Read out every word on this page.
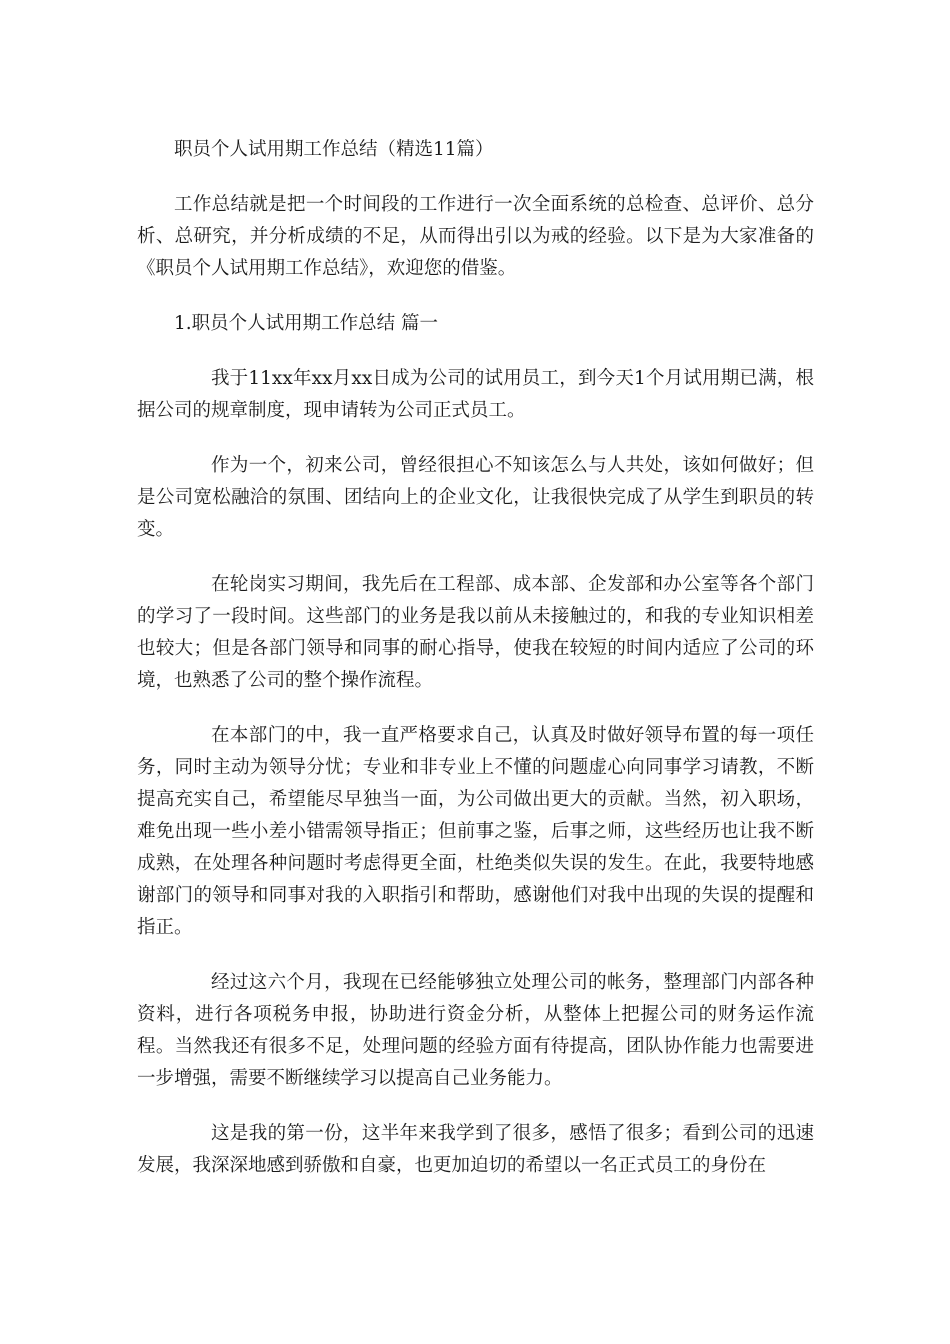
职员个人试用期工作总结（精选11篇）

工作总结就是把一个时间段的工作进行一次全面系统的总检查、总评价、总分析、总研究，并分析成绩的不足，从而得出引以为戒的经验。以下是为大家准备的《职员个人试用期工作总结》，欢迎您的借鉴。

1.职员个人试用期工作总结 篇一

我于11xx年xx月xx日成为公司的试用员工，到今天1个月试用期已满，根据公司的规章制度，现申请转为公司正式员工。

作为一个，初来公司，曾经很担心不知该怎么与人共处，该如何做好；但是公司宽松融洽的氛围、团结向上的企业文化，让我很快完成了从学生到职员的转变。

在轮岗实习期间，我先后在工程部、成本部、企发部和办公室等各个部门的学习了一段时间。这些部门的业务是我以前从未接触过的，和我的专业知识相差也较大；但是各部门领导和同事的耐心指导，使我在较短的时间内适应了公司的环境，也熟悉了公司的整个操作流程。

在本部门的中，我一直严格要求自己，认真及时做好领导布置的每一项任务，同时主动为领导分忧；专业和非专业上不懂的问题虚心向同事学习请教，不断提高充实自己，希望能尽早独当一面，为公司做出更大的贡献。当然，初入职场，难免出现一些小差小错需领导指正；但前事之鉴，后事之师，这些经历也让我不断成熟，在处理各种问题时考虑得更全面，杜绝类似失误的发生。在此，我要特地感谢部门的领导和同事对我的入职指引和帮助，感谢他们对我中出现的失误的提醒和指正。

经过这六个月，我现在已经能够独立处理公司的帐务，整理部门内部各种资料，进行各项税务申报，协助进行资金分析，从整体上把握公司的财务运作流程。当然我还有很多不足，处理问题的经验方面有待提高，团队协作能力也需要进一步增强，需要不断继续学习以提高自己业务能力。

这是我的第一份，这半年来我学到了很多，感悟了很多；看到公司的迅速发展，我深深地感到骄傲和自豪，也更加迫切的希望以一名正式员工的身份在
